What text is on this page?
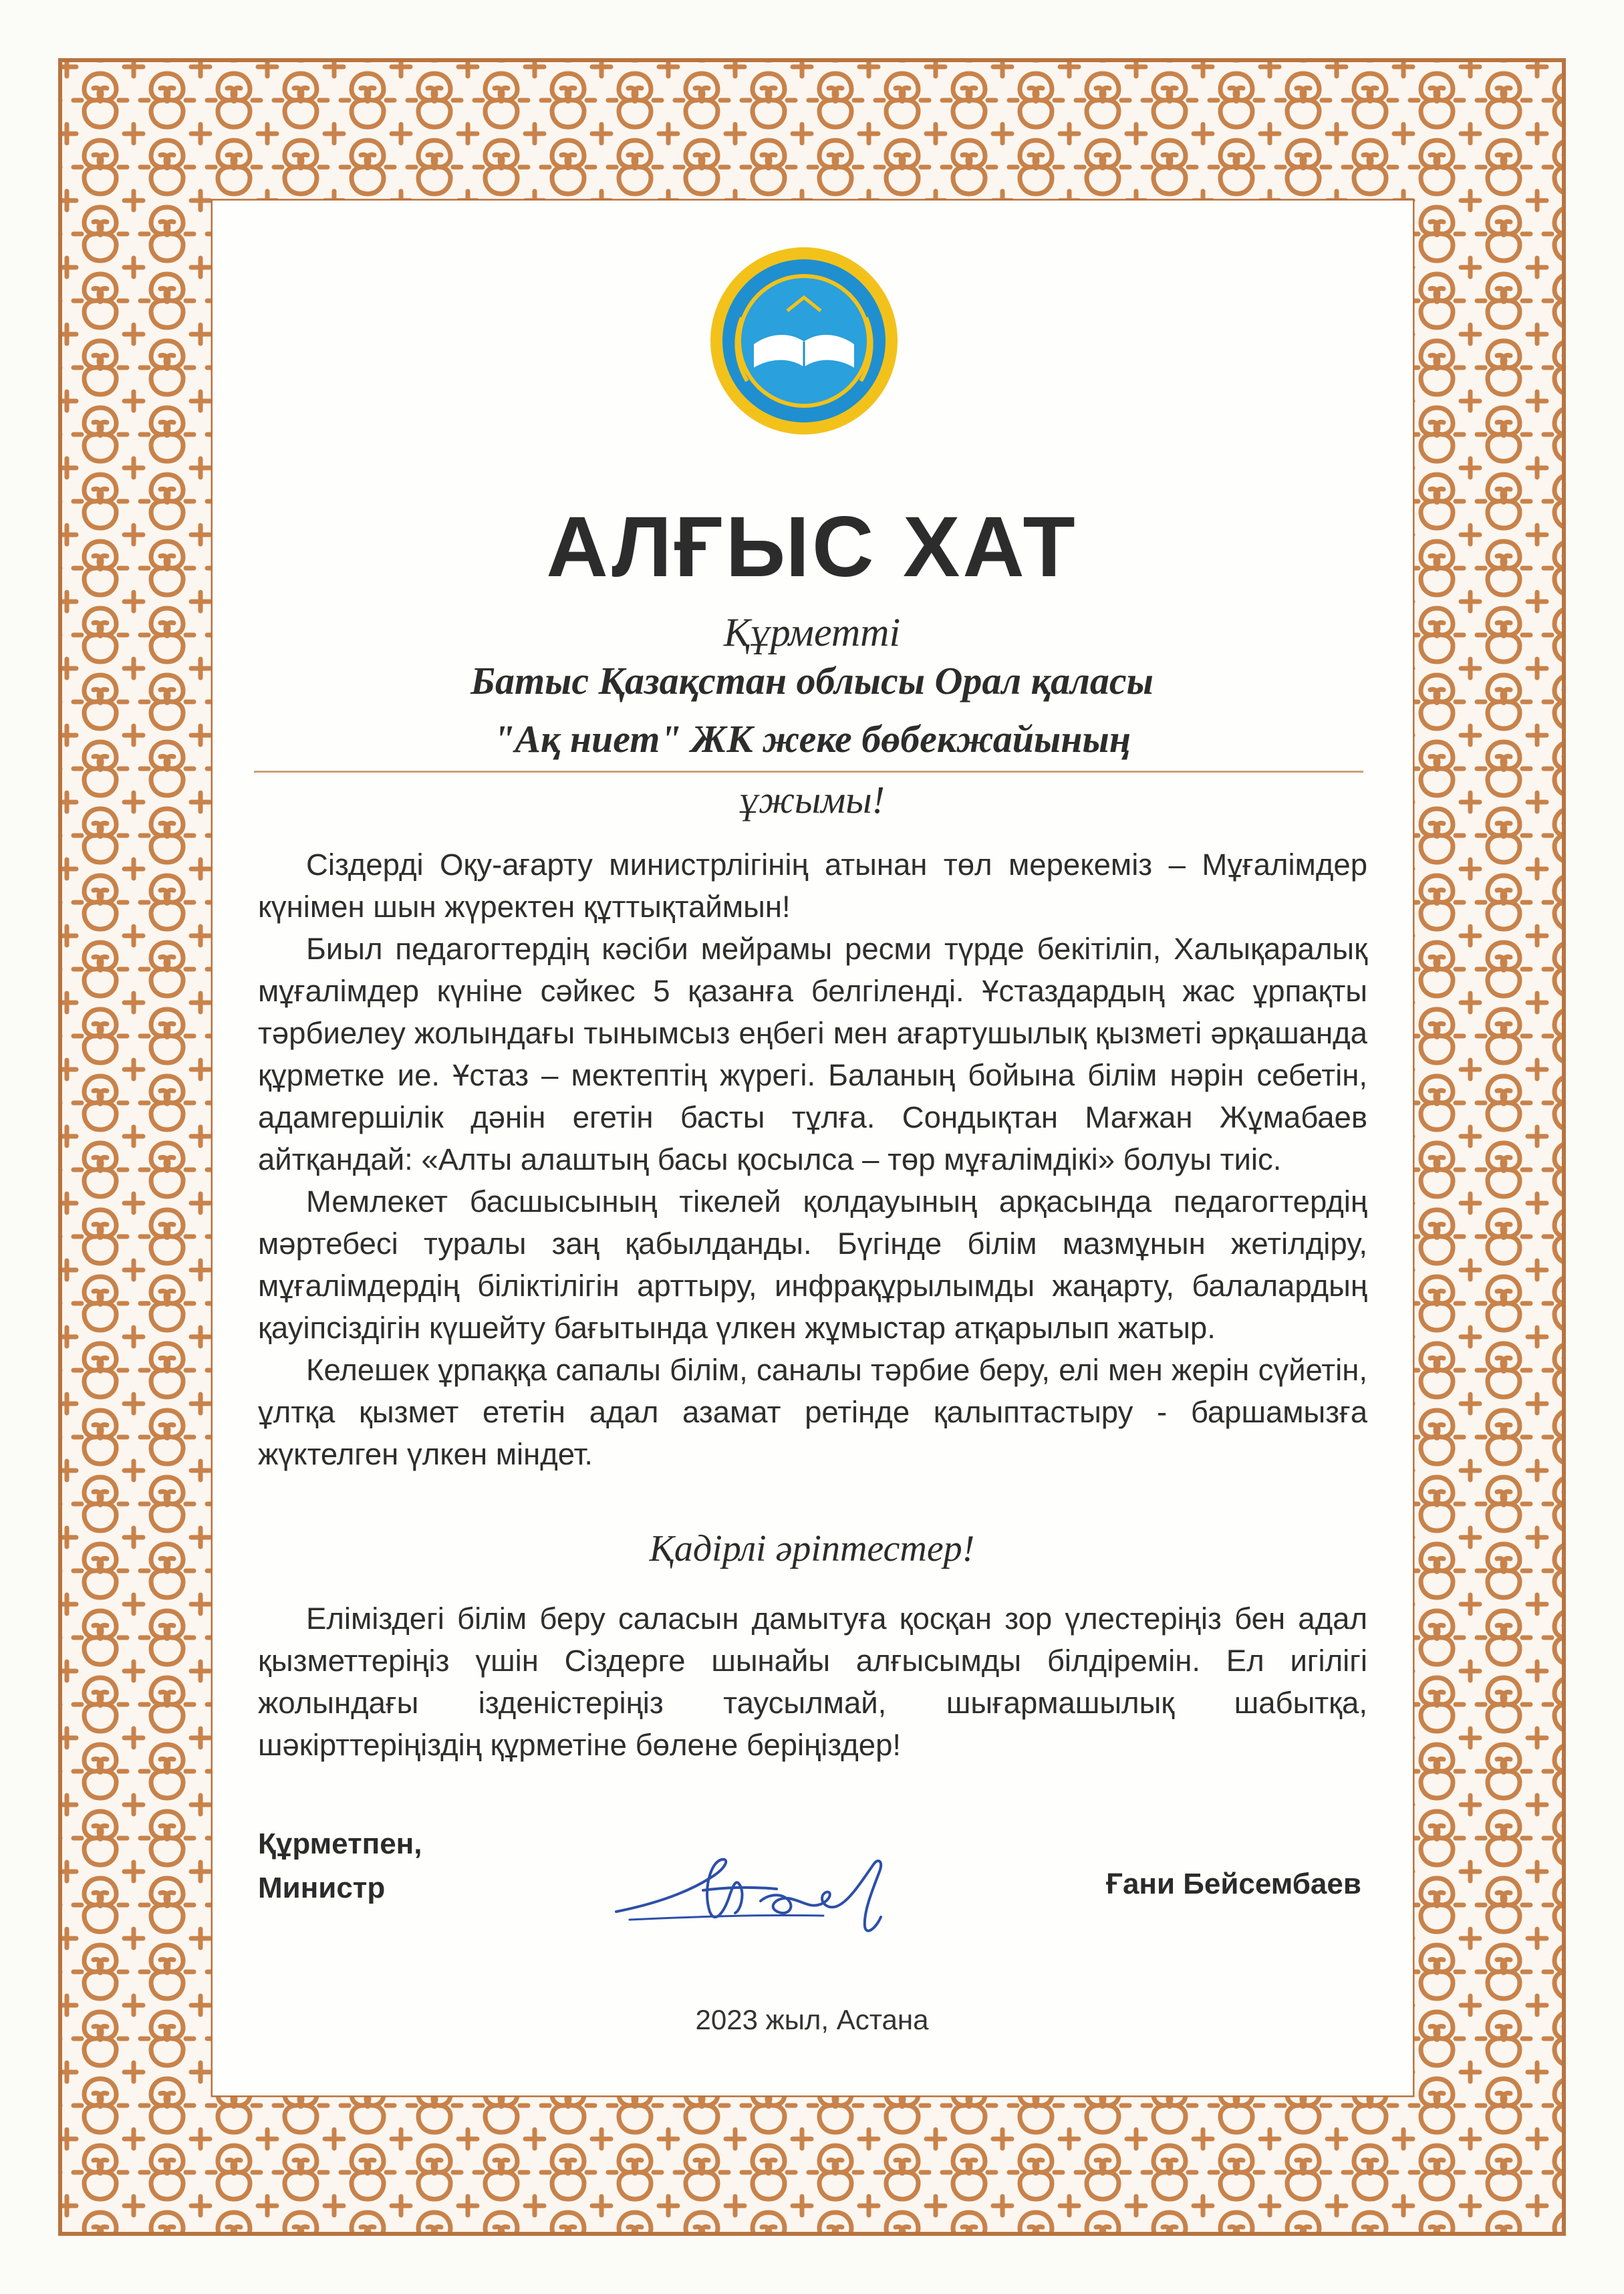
АЛҒЫС ХАТ
Құрметті
Батыс Қазақстан облысы Орал қаласы
"Ақ ниет" ЖК жеке бөбекжайының
ұжымы!

Сіздерді Оқу-ағарту министрлігінің атынан төл мерекеміз – Мұғалімдер күнімен шын жүректен құттықтаймын!

Биыл педагогтердің кәсіби мейрамы ресми түрде бекітіліп, Халықаралық мұғалімдер күніне сәйкес 5 қазанға белгіленді. Ұстаздардың жас ұрпақты тәрбиелеу жолындағы тынымсыз еңбегі мен ағартушылық қызметі әрқашанда құрметке ие. Ұстаз – мектептің жүрегі. Баланың бойына білім нәрін себетін, адамгершілік дәнін егетін басты тұлға. Сондықтан Мағжан Жұмабаев айтқандай: «Алты алаштың басы қосылса – төр мұғалімдікі» болуы тиіс.

Мемлекет басшысының тікелей қолдауының арқасында педагогтердің мәртебесі туралы заң қабылданды. Бүгінде білім мазмұнын жетілдіру, мұғалімдердің біліктілігін арттыру, инфрақұрылымды жаңарту, балалардың қауіпсіздігін күшейту бағытында үлкен жұмыстар атқарылып жатыр.

Келешек ұрпаққа сапалы білім, саналы тәрбие беру, елі мен жерін сүйетін, ұлтқа қызмет ететін адал азамат ретінде қалыптастыру - баршамызға жүктелген үлкен міндет.

Қадірлі әріптестер!

Еліміздегі білім беру саласын дамытуға қосқан зор үлестеріңіз бен адал қызметтеріңіз үшін Сіздерге шынайы алғысымды білдіремін. Ел игілігі жолындағы ізденістеріңіз таусылмай, шығармашылық шабытқа, шәкірттеріңіздің құрметіне бөлене беріңіздер!

Құрметпен,
Министр	Ғани Бейсембаев
2023 жыл, Астана
